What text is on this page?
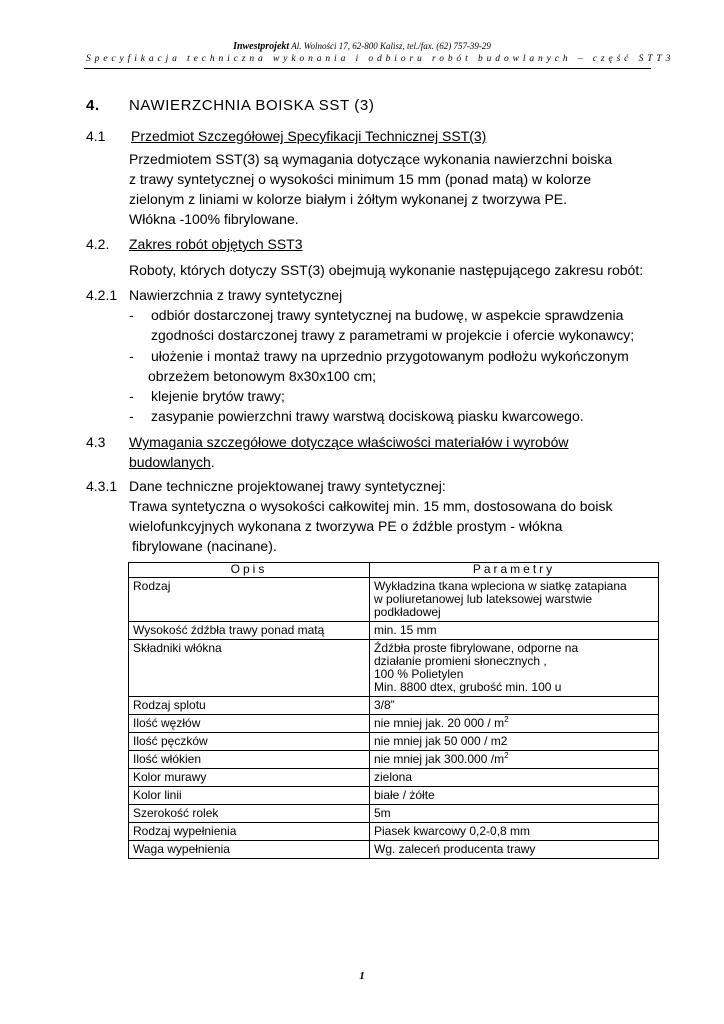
Inwestprojekt Al. Wolności 17, 62-800 Kalisz, tel./fax. (62) 757-39-29
Specyfikacja techniczna wykonania i odbioru robót budowlanych – część STT3
4. NAWIERZCHNIA BOISKA SST (3)
4.1 Przedmiot Szczegółowej Specyfikacji Technicznej SST(3)
Przedmiotem SST(3) są wymagania dotyczące wykonania nawierzchni boiska
z trawy syntetycznej o wysokości minimum 15 mm (ponad matą) w kolorze
zielonym z liniami w kolorze białym i żółtym wykonanej z tworzywa PE.
Włókna -100% fibrylowane.
4.2. Zakres robót objętych SST3
Roboty, których dotyczy SST(3) obejmują wykonanie następującego zakresu robót:
4.2.1 Nawierzchnia z trawy syntetycznej
- odbiór dostarczonej trawy syntetycznej na budowę, w aspekcie sprawdzenia
zgodności dostarczonej trawy z parametrami w projekcie i ofercie wykonawcy;
- ułożenie i montaż trawy na uprzednio przygotowanym podłożu wykończonym
obrzeżem betonowym 8x30x100 cm;
- klejenie brytów trawy;
- zasypanie powierzchni trawy warstwą dociskową piasku kwarcowego.
4.3 Wymagania szczegółowe dotyczące właściwości materiałów i wyrobów
budowlanych.
4.3.1 Dane techniczne projektowanej trawy syntetycznej:
Trawa syntetyczna o wysokości całkowitej min. 15 mm, dostosowana do boisk
wielofunkcyjnych wykonana z tworzywa PE o źdźble prostym - włókna
fibrylowane (nacinane).
Opis	Parametry
Rodzaj	Wykładzina tkana wpleciona w siatkę zatapiana
w poliuretanowej lub lateksowej warstwie
podkładowej

Wysokość źdźbła trawy ponad matą	min. 15 mm

Składniki włókna	Źdźbła proste fibrylowane, odporne na
działanie promieni słonecznych ,
100 % Polietylen
Min. 8800 dtex, grubość min. 100 u

Rodzaj splotu	3/8”

Ilość węzłów	nie mniej jak. 20 $000 / m^2$

Ilość pęczków	nie mniej jak 50 000 / m2

Ilość włókien	nie mniej jak 300.000 $/m^2$

Kolor murawy	zielona

Kolor linii	białe / żółte

Szerokość rolek	5m

Rodzaj wypełnienia	Piasek kwarcowy 0,2-0,8 mm

Waga wypełnienia	Wg. zaleceń producenta trawy
1
